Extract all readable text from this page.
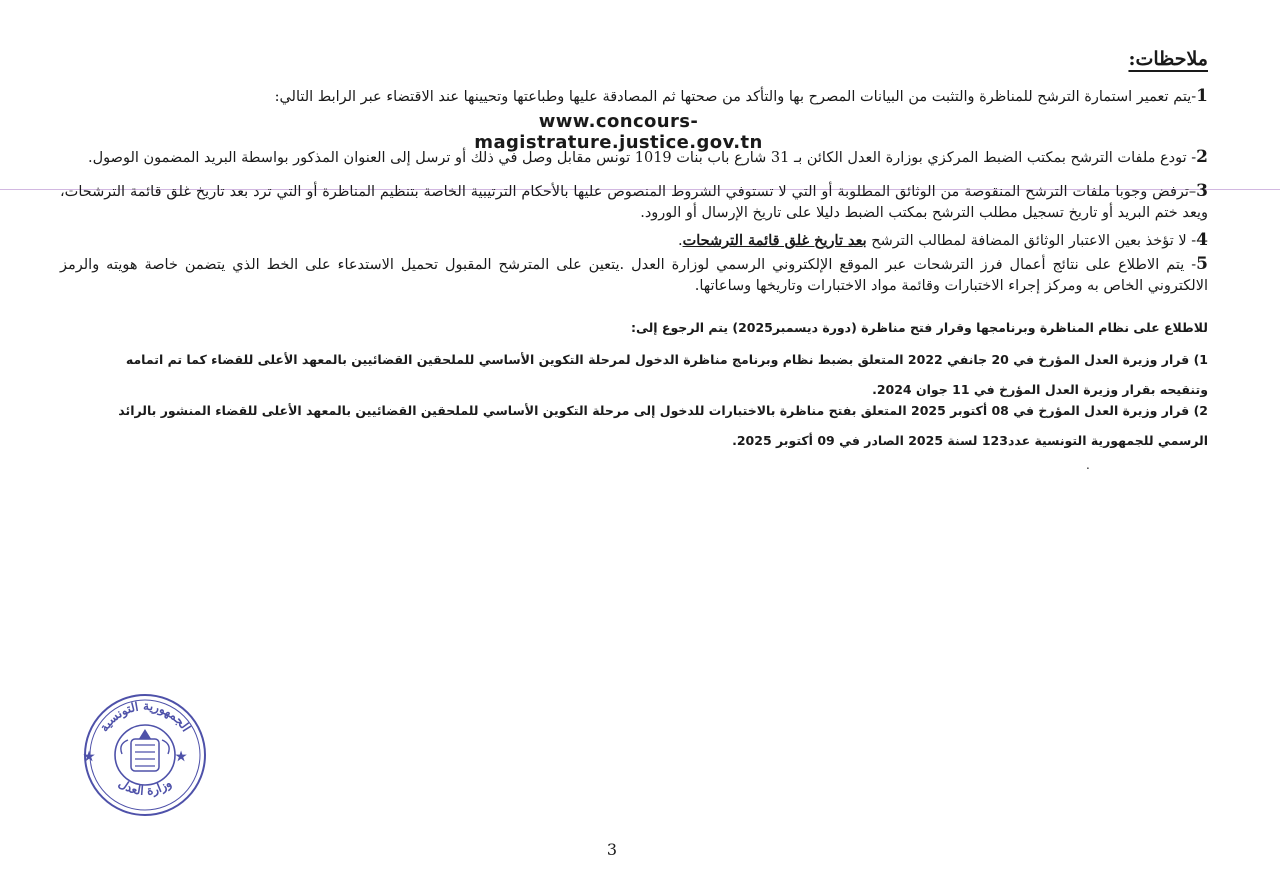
ملاحظات:
1-يتم تعمير استمارة الترشح للمناظرة والتثبت من البيانات المصرح بها والتأكد من صحتها ثم المصادقة عليها وطباعتها وتحيينها عند الاقتضاء عبر الرابط التالي:
www.concours-magistrature.justice.gov.tn
2- تودع ملفات الترشح بمكتب الضبط المركزي بوزارة العدل الكائن بـ 31 شارع باب بنات 1019 تونس مقابل وصل في ذلك أو ترسل إلى العنوان المذكور بواسطة البريد المضمون الوصول.
3–ترفض وجوبا ملفات الترشح المنقوصة من الوثائق المطلوبة أو التي لا تستوفي الشروط المنصوص عليها بالأحكام الترتيبية الخاصة بتنظيم المناظرة أو التي ترد بعد تاريخ غلق قائمة الترشحات، ويعد ختم البريد أو تاريخ تسجيل مطلب الترشح بمكتب الضبط دليلا على تاريخ الإرسال أو الورود.
4- لا تؤخذ بعين الاعتبار الوثائق المضافة لمطالب الترشح بعد تاريخ غلق قائمة الترشحات.
5- يتم الاطلاع على نتائج أعمال فرز الترشحات عبر الموقع الإلكتروني الرسمي لوزارة العدل .يتعين على المترشح المقبول تحميل الاستدعاء على الخط الذي يتضمن خاصة هويته والرمز الالكتروني الخاص به ومركز إجراء الاختبارات وقائمة مواد الاختبارات وتاريخها وساعاتها.

للاطلاع على نظام المناظرة وبرنامجها وقرار فتح مناظرة (دورة ديسمبر2025) يتم الرجوع إلى:

1) قرار وزيرة العدل المؤرخ في 20 جانفي 2022 المتعلق بضبط نظام وبرنامج مناظرة الدخول لمرحلة التكوين الأساسي للملحقين القضائيين بالمعهد الأعلى للقضاء كما تم اتمامه وتنقيحه بقرار وزيرة العدل المؤرخ في 11 جوان 2024.

2) قرار وزيرة العدل المؤرخ في 08 أكتوبر 2025 المتعلق بفتح مناظرة بالاختبارات للدخول إلى مرحلة التكوين الأساسي للملحقين القضائيين بالمعهد الأعلى للقضاء المنشور بالرائد الرسمي للجمهورية التونسية عدد123 لسنة 2025 الصادر في 09 أكتوبر 2025.

.
★	★
الجمهورية التونسية
وزارة العدل
3
